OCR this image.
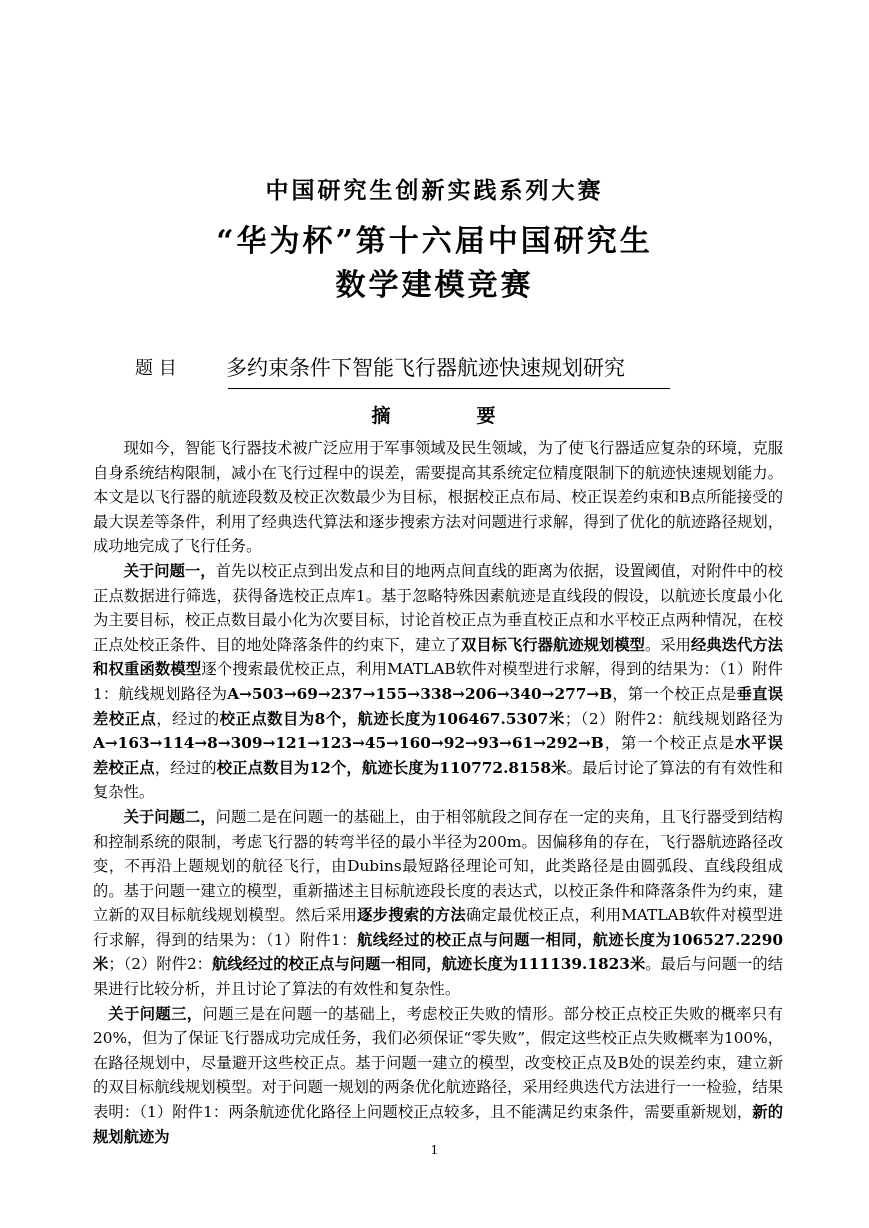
中国研究生创新实践系列大赛
“华为杯”第十六届中国研究生
数学建模竞赛
题 目 多约束条件下智能飞行器航迹快速规划研究
摘　　　　要

现如今，智能飞行器技术被广泛应用于军事领域及民生领域，为了使飞行器适应复杂的环境，克服自身系统结构限制，减小在飞行过程中的误差，需要提高其系统定位精度限制下的航迹快速规划能力。本文是以飞行器的航迹段数及校正次数最少为目标，根据校正点布局、校正误差约束和B点所能接受的最大误差等条件，利用了经典迭代算法和逐步搜索方法对问题进行求解，得到了优化的航迹路径规划，成功地完成了飞行任务。

关于问题一，首先以校正点到出发点和目的地两点间直线的距离为依据，设置阈值，对附件中的校正点数据进行筛选，获得备选校正点库1。基于忽略特殊因素航迹是直线段的假设，以航迹长度最小化为主要目标，校正点数目最小化为次要目标，讨论首校正点为垂直校正点和水平校正点两种情况，在校正点处校正条件、目的地处降落条件的约束下，建立了双目标飞行器航迹规划模型。采用经典迭代方法和权重函数模型逐个搜索最优校正点，利用MATLAB软件对模型进行求解，得到的结果为：（1）附件1：航线规划路径为A→503→69→237→155→338→206→340→277→B，第一个校正点是垂直误差校正点，经过的校正点数目为8个，航迹长度为106467.5307米；（2）附件2：航线规划路径为A→163→114→8→309→121→123→45→160→92→93→61→292→B，第一个校正点是水平误差校正点，经过的校正点数目为12个，航迹长度为110772.8158米。最后讨论了算法的有有效性和复杂性。

关于问题二，问题二是在问题一的基础上，由于相邻航段之间存在一定的夹角，且飞行器受到结构和控制系统的限制，考虑飞行器的转弯半径的最小半径为200m。因偏移角的存在，飞行器航迹路径改变，不再沿上题规划的航径飞行，由Dubins最短路径理论可知，此类路径是由圆弧段、直线段组成的。基于问题一建立的模型，重新描述主目标航迹段长度的表达式，以校正条件和降落条件为约束，建立新的双目标航线规划模型。然后采用逐步搜索的方法确定最优校正点，利用MATLAB软件对模型进行求解，得到的结果为：（1）附件1：航线经过的校正点与问题一相同，航迹长度为106527.2290米；（2）附件2：航线经过的校正点与问题一相同，航迹长度为111139.1823米。最后与问题一的结果进行比较分析，并且讨论了算法的有效性和复杂性。

关于问题三，问题三是在问题一的基础上，考虑校正失败的情形。部分校正点校正失败的概率只有20%，但为了保证飞行器成功完成任务，我们必须保证“零失败”，假定这些校正点失败概率为100%，在路径规划中，尽量避开这些校正点。基于问题一建立的模型，改变校正点及B处的误差约束，建立新的双目标航线规划模型。对于问题一规划的两条优化航迹路径，采用经典迭代方法进行一一检验，结果表明：（1）附件1：两条航迹优化路径上问题校正点较多，且不能满足约束条件，需要重新规划，新的规划航迹为

1
